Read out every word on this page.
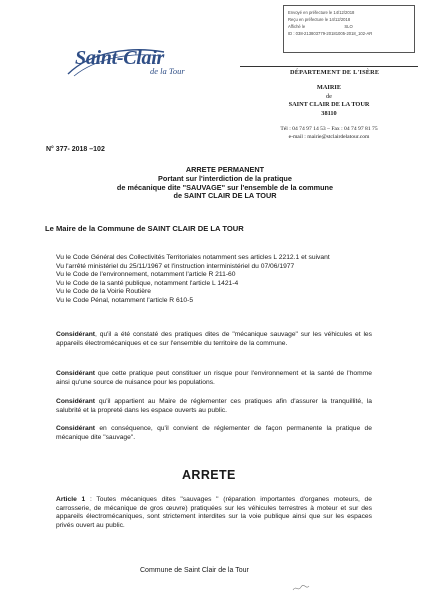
Envoyé en préfecture le 14/12/2018
Reçu en préfecture le 14/12/2018
Affiché le	SLO
ID : 038-213803779-20181005-2018_102-AR
Saint-Clair
de la Tour	DÉPARTEMENT DE L'ISÈRE
MAIRIE
de
SAINT CLAIR DE LA TOUR
38110
Tél : 04 74 97 14 53 – Fax : 04 74 97 81 75
e-mail : mairie@stclairdelatour.com
N° 377- 2018 –102
ARRETE PERMANENT
Portant sur l'interdiction de la pratique
de mécanique dite "SAUVAGE" sur l'ensemble de la commune
de SAINT CLAIR DE LA TOUR
Le Maire de la Commune de SAINT CLAIR DE LA TOUR

Vu le Code Général des Collectivités Territoriales notamment ses articles L 2212.1 et suivant

Vu l'arrêté ministériel du 25/11/1967 et l'instruction interministériel du 07/06/1977

Vu le Code de l'environnement, notamment l'article R 211-60

Vu le Code de la santé publique, notamment l'article L 1421-4

Vu le Code de la Voirie Routière

Vu le Code Pénal, notamment l'article R 610-5

Considérant, qu'il a été constaté des pratiques dites de "mécanique sauvage" sur les véhicules et les appareils électromécaniques et ce sur l'ensemble du territoire de la commune.
Considérant que cette pratique peut constituer un risque pour l'environnement et la santé de l'homme ainsi qu'une source de nuisance pour les populations.
Considérant qu'il appartient au Maire de réglementer ces pratiques afin d'assurer la tranquillité, la salubrité et la propreté dans les espace ouverts au public.
Considérant en conséquence, qu'il convient de réglementer de façon permanente la pratique de mécanique dite "sauvage".
ARRETE
Article 1 : Toutes mécaniques dites "sauvages " (réparation importantes d'organes moteurs, de carrosserie, de mécanique de gros œuvre) pratiquées sur les véhicules terrestres à moteur et sur des appareils électromécaniques, sont strictement interdites sur la voie publique ainsi que sur les espaces privés ouvert au public.
Commune de Saint Clair de la Tour
